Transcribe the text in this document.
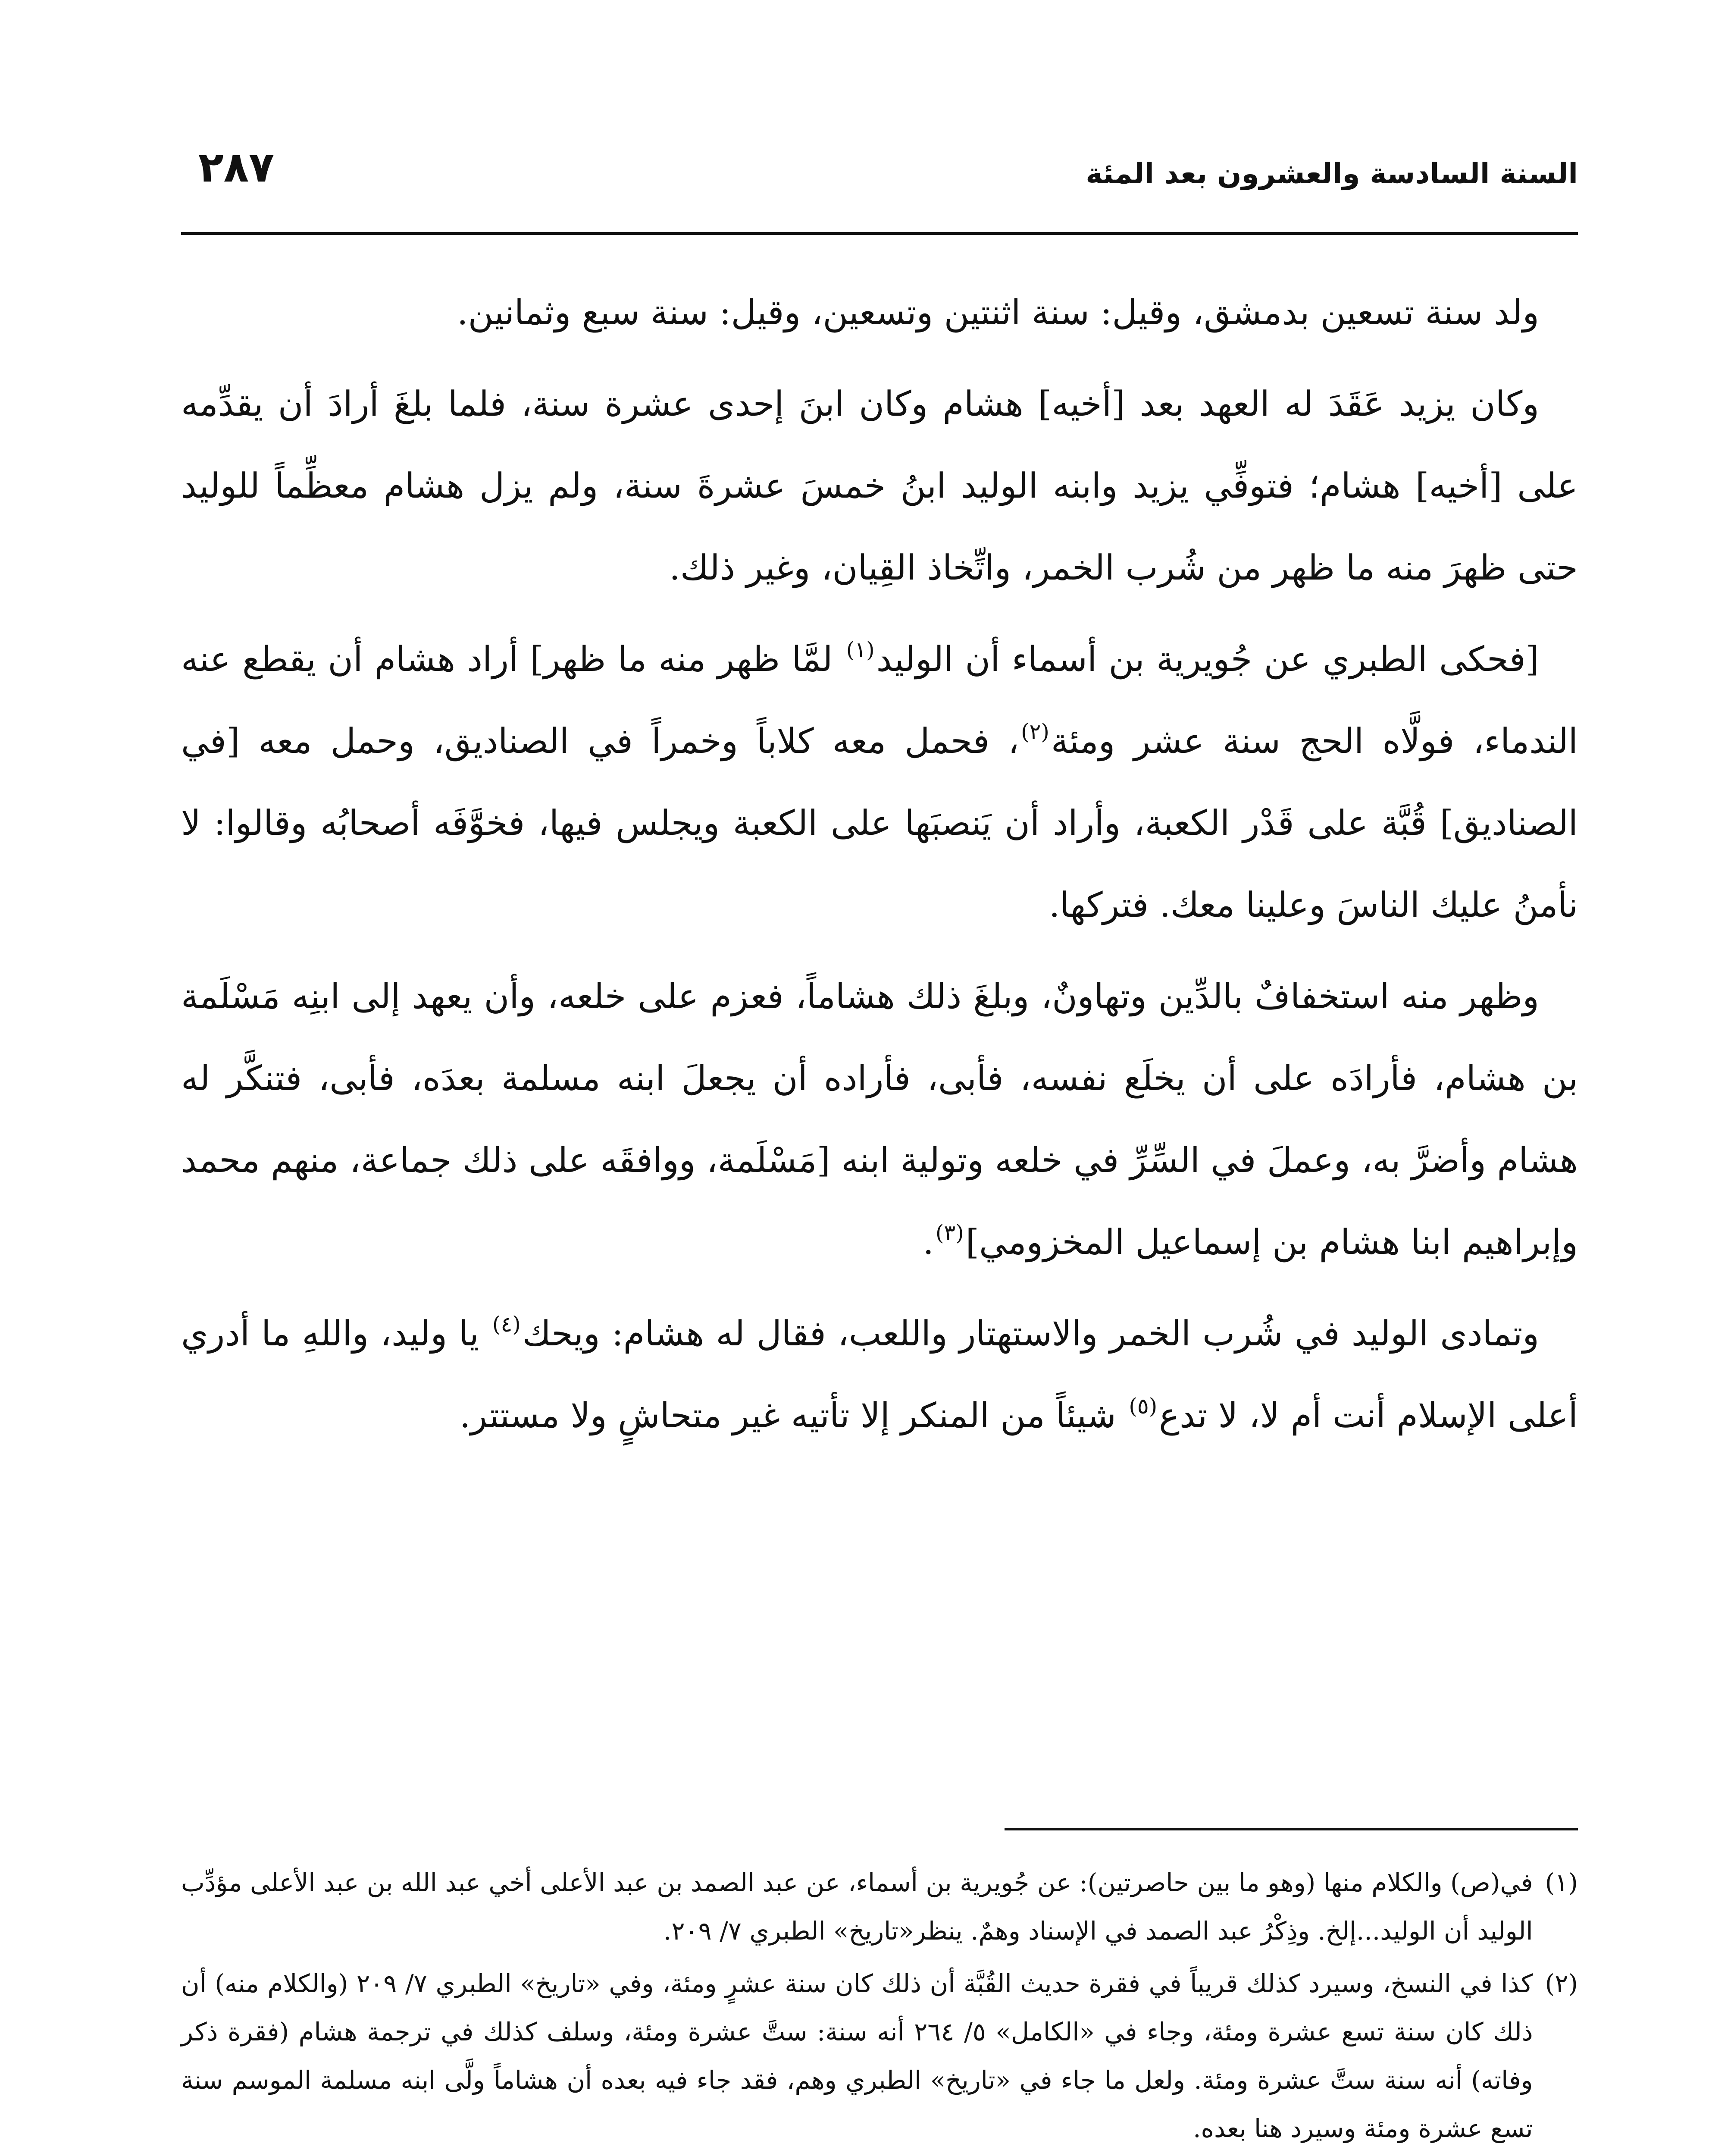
السنة السادسة والعشرون بعد المئة
٢٨٧

ولد سنة تسعين بدمشق، وقيل: سنة اثنتين وتسعين، وقيل: سنة سبع وثمانين.

وكان يزيد عَقَدَ له العهد بعد [أخيه] هشام وكان ابنَ إحدى عشرة سنة، فلما بلغَ أرادَ أن يقدِّمه على [أخيه] هشام؛ فتوفِّي يزيد وابنه الوليد ابنُ خمسَ عشرةَ سنة، ولم يزل هشام معظِّماً للوليد حتى ظهرَ منه ما ظهر من شُرب الخمر، واتِّخاذ القِيان، وغير ذلك.

[فحكى الطبري عن جُويرية بن أسماء أن الوليد$^{(١)}$ لمَّا ظهر منه ما ظهر] أراد هشام أن يقطع عنه الندماء، فولَّاه الحج سنة عشر ومئة$^{(٢)}$، فحمل معه كلاباً وخمراً في الصناديق، وحمل معه [في الصناديق] قُبَّة على قَدْر الكعبة، وأراد أن يَنصبَها على الكعبة ويجلس فيها، فخوَّفَه أصحابُه وقالوا: لا نأمنُ عليك الناسَ وعلينا معك. فتركها.

وظهر منه استخفافٌ بالدِّين وتهاونٌ، وبلغَ ذلك هشاماً، فعزم على خلعه، وأن يعهد إلى ابنِه مَسْلَمة بن هشام، فأرادَه على أن يخلَع نفسه، فأبى، فأراده أن يجعلَ ابنه مسلمة بعدَه، فأبى، فتنكَّر له هشام وأضرَّ به، وعملَ في السِّرِّ في خلعه وتولية ابنه [مَسْلَمة، ووافقَه على ذلك جماعة، منهم محمد وإبراهيم ابنا هشام بن إسماعيل المخزومي]$^{(٣)}$.

وتمادى الوليد في شُرب الخمر والاستهتار واللعب، فقال له هشام: ويحك$^{(٤)}$ يا وليد، واللهِ ما أدري أعلى الإسلام أنت أم لا، لا تدع$^{(٥)}$ شيئاً من المنكر إلا تأتيه غير متحاشٍ ولا مستتر.

(١)
في(ص) والكلام منها (وهو ما بين حاصرتين): عن جُويرية بن أسماء، عن عبد الصمد بن عبد الأعلى أخي عبد الله بن عبد الأعلى مؤدِّب الوليد أن الوليد...إلخ. وذِكْرُ عبد الصمد في الإسناد وهمٌ. ينظر«تاريخ» الطبري ٧/ ٢٠٩.
(٢)
كذا في النسخ، وسيرد كذلك قريباً في فقرة حديث القُبَّة أن ذلك كان سنة عشرٍ ومئة، وفي «تاريخ» الطبري ٧/ ٢٠٩ (والكلام منه) أن ذلك كان سنة تسع عشرة ومئة، وجاء في «الكامل» ٥/ ٢٦٤ أنه سنة: ستَّ عشرة ومئة، وسلف كذلك في ترجمة هشام (فقرة ذكر وفاته) أنه سنة ستَّ عشرة ومئة. ولعل ما جاء في «تاريخ» الطبري وهم، فقد جاء فيه بعده أن هشاماً ولَّى ابنه مسلمة الموسم سنة تسع عشرة ومئة وسيرد هنا بعده.
